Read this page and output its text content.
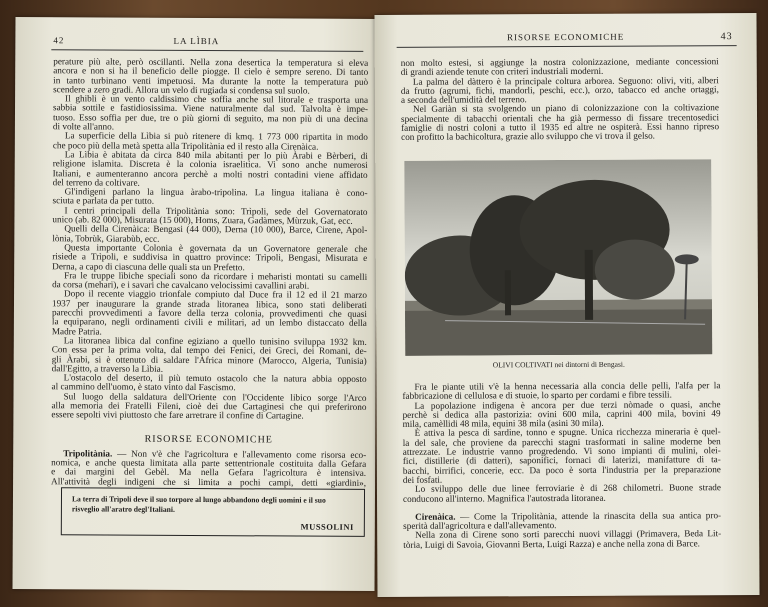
42	LA LÌBIA
perature più alte, però oscillanti. Nella zona desertica la temperatura si eleva
ancora e non si ha il beneficio delle piogge. Il cielo è sempre sereno. Di tanto
in tanto turbinano venti impetuosi. Ma durante la notte la temperatura può
scendere a zero gradi. Allora un velo di rugiada si condensa sul suolo.
Il ghibli è un vento caldissimo che soffia anche sul litorale e trasporta una
sabbia sottile e fastidiosissima. Viene naturalmente dal sud. Talvolta è impe-
tuoso. Esso soffia per due, tre o più giorni di seguito, ma non più di una decina
di volte all'anno.
La superficie della Lìbia si può ritenere di kmq. 1 773 000 ripartita in modo
che poco più della metà spetta alla Tripolitània ed il resto alla Cirenàica.
La Lìbia è abitata da circa 840 mila abitanti per lo più Àrabi e Bèrberi, di
religione islamita. Discreta è la colonia israelitica. Vi sono anche numerosi
Italiani, e aumenteranno ancora perchè a molti nostri contadini viene affidato
del terreno da coltivare.
Gl'indigeni parlano la lingua àrabo-tripolina. La lingua italiana è cono-
sciuta e parlata da per tutto.
I centri principali della Tripolitània sono: Trìpoli, sede del Governatorato
unico (ab. 82 000), Misurata (15 000), Homs, Zuara, Gadàmes, Mùrzuk, Gat, ecc.
Quelli della Cirenàica: Bengasi (44 000), Derna (10 000), Barce, Cirene, Apol-
lònia, Tobrùk, Giarabùb, ecc.
Questa importante Colonia è governata da un Governatore generale che
risiede a Trìpoli, e suddivisa in quattro province: Trìpoli, Bengasi, Misurata e
Derna, a capo di ciascuna delle quali sta un Prefetto.
Fra le truppe lìbiche speciali sono da ricordare i meharisti montati su camelli
da corsa (mehari), e i savari che cavalcano velocissimi cavallini arabi.
Dopo il recente viaggio trionfale compiuto dal Duce fra il 12 ed il 21 marzo
1937 per inaugurare la grande strada litoranea libica, sono stati deliberati
parecchi provvedimenti a favore della terza colonia, provvedimenti che quasi
la equiparano, negli ordinamenti civili e militari, ad un lembo distaccato della
Madre Patria.
La litoranea libica dal confine egiziano a quello tunisino sviluppa 1932 km.
Con essa per la prima volta, dal tempo dei Fenici, dei Greci, dei Romani, de-
gli Àrabi, si è ottenuto di saldare l'Àfrica minore (Marocco, Algeria, Tunisia)
dall'Egitto, a traverso la Lìbia.
L'ostacolo del deserto, il più temuto ostacolo che la natura abbia opposto
al cammino dell'uomo, è stato vinto dal Fascismo.
Sul luogo della saldatura dell'Oriente con l'Occidente libico sorge l'Arco
alla memoria dei Fratelli Fileni, cioè dei due Cartaginesi che qui preferirono
essere sepolti vivi piuttosto che fare arretrare il confine di Cartagine.
RISORSE ECONOMICHE
Tripolitània. — Non v'è che l'agricoltura e l'allevamento come risorsa eco-
nomica, e anche questa limitata alla parte settentrionale costituita dalla Gefara
e dai margini del Gebèl. Ma nella Gefara l'agricoltura è intensiva.
All'attività degli indigeni che si limita a pochi campi, detti «giardini»,
La terra di Trìpoli deve il suo torpore al lungo abbandono degli uomini e il suo
risveglio all'aratro degl'Italiani.
MUSSOLINI
RISORSE ECONOMICHE	43
non molto estesi, si aggiunge la nostra colonizzazione, mediante concessioni
di grandi aziende tenute con criteri industriali moderni.
La palma del dàttero è la principale coltura arborea. Seguono: olivi, viti, alberi
da frutto (agrumi, fichi, mandorli, peschi, ecc.), orzo, tabacco ed anche ortaggi,
a seconda dell'umidità del terreno.
Nel Gariàn si sta svolgendo un piano di colonizzazione con la coltivazione
specialmente di tabacchi orientali che ha già permesso di fissare trecentosedici
famiglie di nostri coloni a tutto il 1935 ed altre ne ospiterà. Essi hanno ripreso
con profitto la bachicoltura, grazie allo sviluppo che vi trova il gelso.
OLIVI COLTIVATI nei dintorni di Bengasi.
Fra le piante utili v'è la henna necessaria alla concia delle pelli, l'alfa per la
fabbricazione di cellulosa e di stuoie, lo sparto per cordami e fibre tessili.
La popolazione indigena è ancora per due terzi nòmade o quasi, anche
perchè si dedica alla pastorizia: ovini 600 mila, caprini 400 mila, bovini 49
mila, camèllidi 48 mila, equini 38 mila (asini 30 mila).
È attiva la pesca di sardine, tonno e spugne. Unica ricchezza mineraria è quel-
la del sale, che proviene da parecchi stagni trasformati in saline moderne ben
attrezzate. Le industrie vanno progredendo. Vi sono impianti di mulini, olei-
fici, distillerie (di datteri), saponifici, fornaci di laterizi, manifatture di ta-
bacchi, birrifici, concerie, ecc. Da poco è sorta l'industria per la preparazione
dei fosfati.
Lo sviluppo delle due linee ferroviarie è di 268 chilometri. Buone strade
conducono all'interno. Magnifica l'autostrada litoranea.
Cirenàica. — Come la Tripolitània, attende la rinascita della sua antica pro-
sperità dall'agricoltura e dall'allevamento.
Nella zona di Cirene sono sorti parecchi nuovi villaggi (Primavera, Beda Lit-
tòria, Luigi di Savoia, Giovanni Berta, Luigi Razza) e anche nella zona di Barce.
